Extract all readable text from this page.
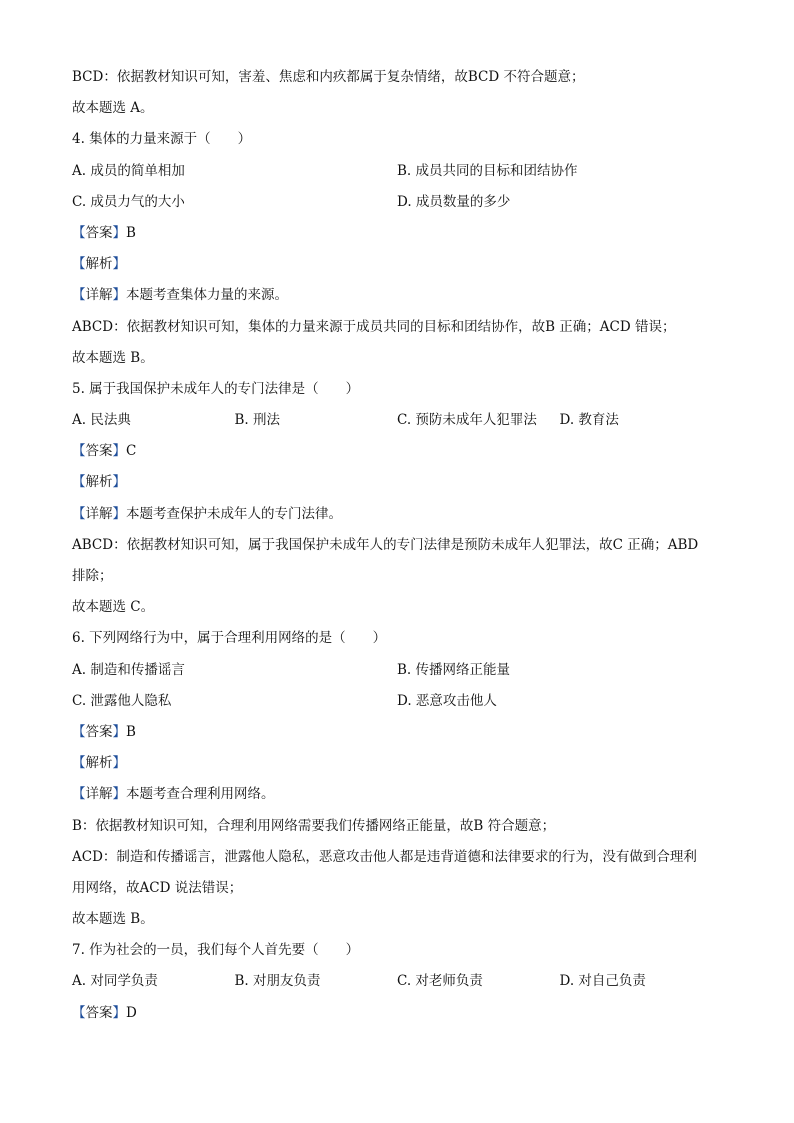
BCD：依据教材知识可知，害羞、焦虑和内疚都属于复杂情绪，故BCD 不符合题意；
故本题选 A。
4. 集体的力量来源于（　　）
A. 成员的简单相加	B. 成员共同的目标和团结协作
C. 成员力气的大小	D. 成员数量的多少
【答案】B
【解析】
【详解】本题考查集体力量的来源。
ABCD：依据教材知识可知，集体的力量来源于成员共同的目标和团结协作，故B 正确；ACD 错误；
故本题选 B。
5. 属于我国保护未成年人的专门法律是（　　）
A. 民法典	B. 刑法	C. 预防未成年人犯罪法	D. 教育法
【答案】C
【解析】
【详解】本题考查保护未成年人的专门法律。
ABCD：依据教材知识可知，属于我国保护未成年人的专门法律是预防未成年人犯罪法，故C 正确；ABD
排除；
故本题选 C。
6. 下列网络行为中，属于合理利用网络的是（　　）
A. 制造和传播谣言	B. 传播网络正能量
C. 泄露他人隐私	D. 恶意攻击他人
【答案】B
【解析】
【详解】本题考查合理利用网络。
B：依据教材知识可知，合理利用网络需要我们传播网络正能量，故B 符合题意；
ACD：制造和传播谣言，泄露他人隐私，恶意攻击他人都是违背道德和法律要求的行为，没有做到合理利
用网络，故ACD 说法错误；
故本题选 B。
7. 作为社会的一员，我们每个人首先要（　　）
A. 对同学负责	B. 对朋友负责	C. 对老师负责	D. 对自己负责
【答案】D
